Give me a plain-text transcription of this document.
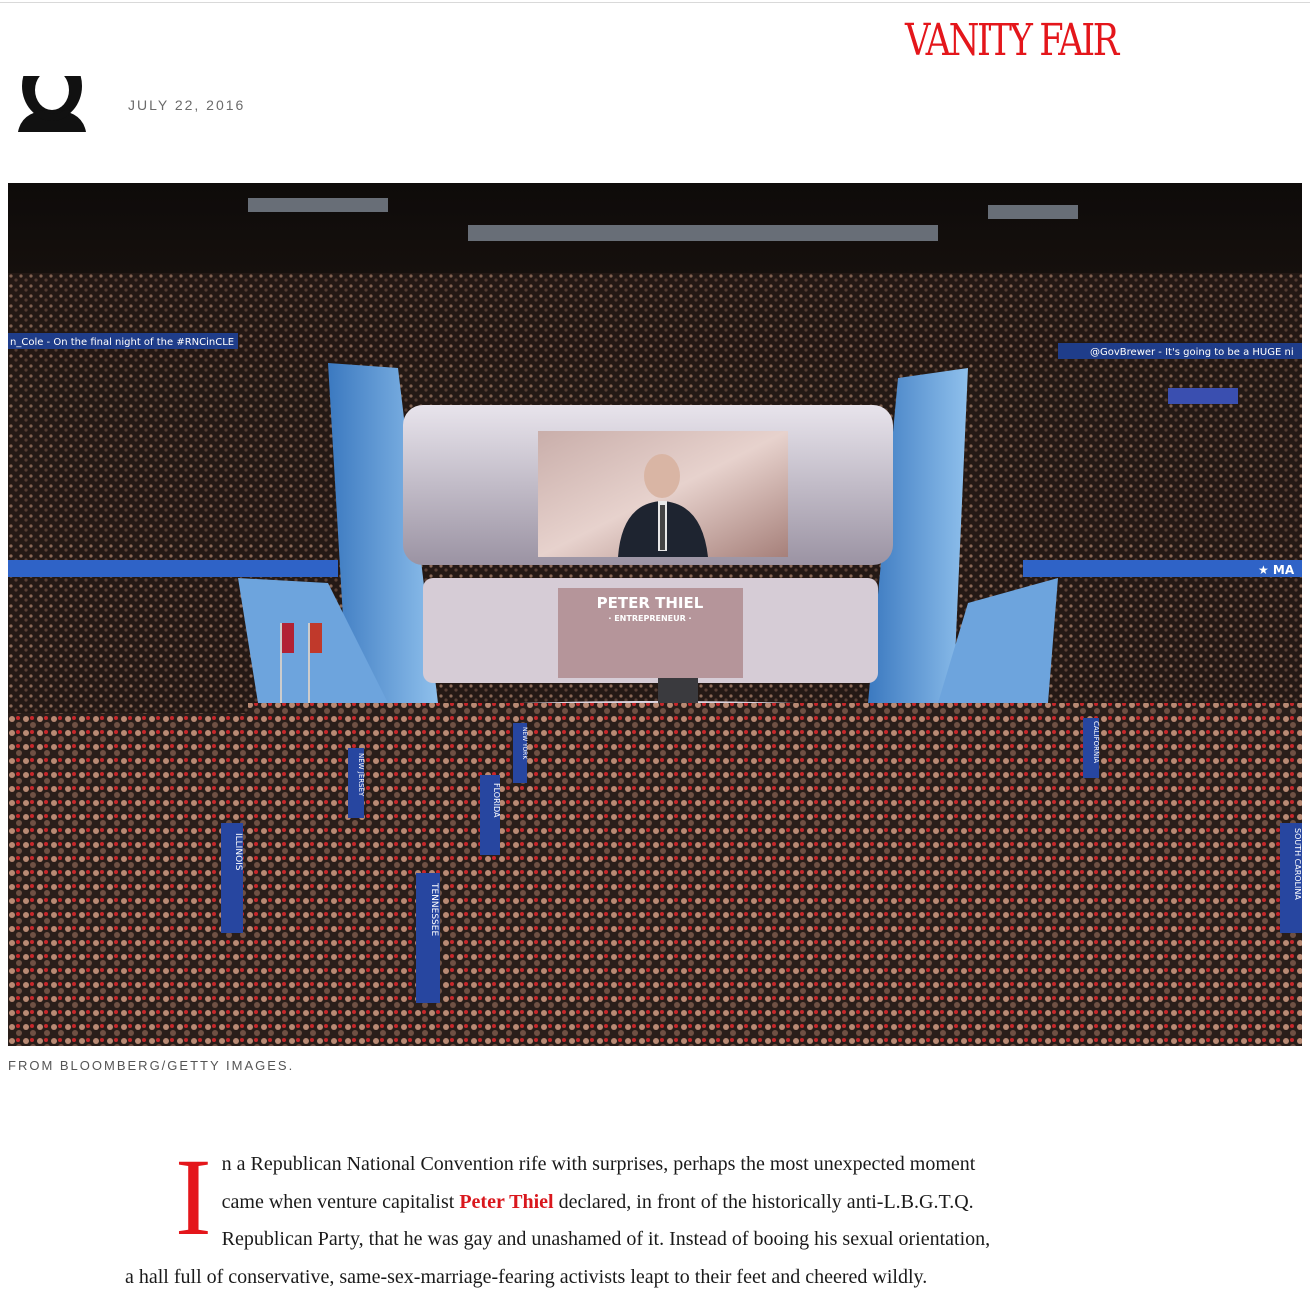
VANITY FAIR
JULY 22, 2016
n_Cole - On the final night of the #RNCinCLE
@GovBrewer - It's going to be a HUGE ni
★ MA
PETER THIEL
· ENTREPRENEUR ·
ILLINOIS
TENNESSEE
FLORIDA
NEW JERSEY
SOUTH CAROLINA
CALIFORNIA
NEW YORK
FROM BLOOMBERG/GETTY IMAGES.
I n a Republican National Convention rife with surprises, perhaps the most unexpected moment
came when venture capitalist Peter Thiel declared, in front of the historically anti-L.B.G.T.Q.
Republican Party, that he was gay and unashamed of it. Instead of booing his sexual orientation,
a hall full of conservative, same-sex-marriage-fearing activists leapt to their feet and cheered wildly.
